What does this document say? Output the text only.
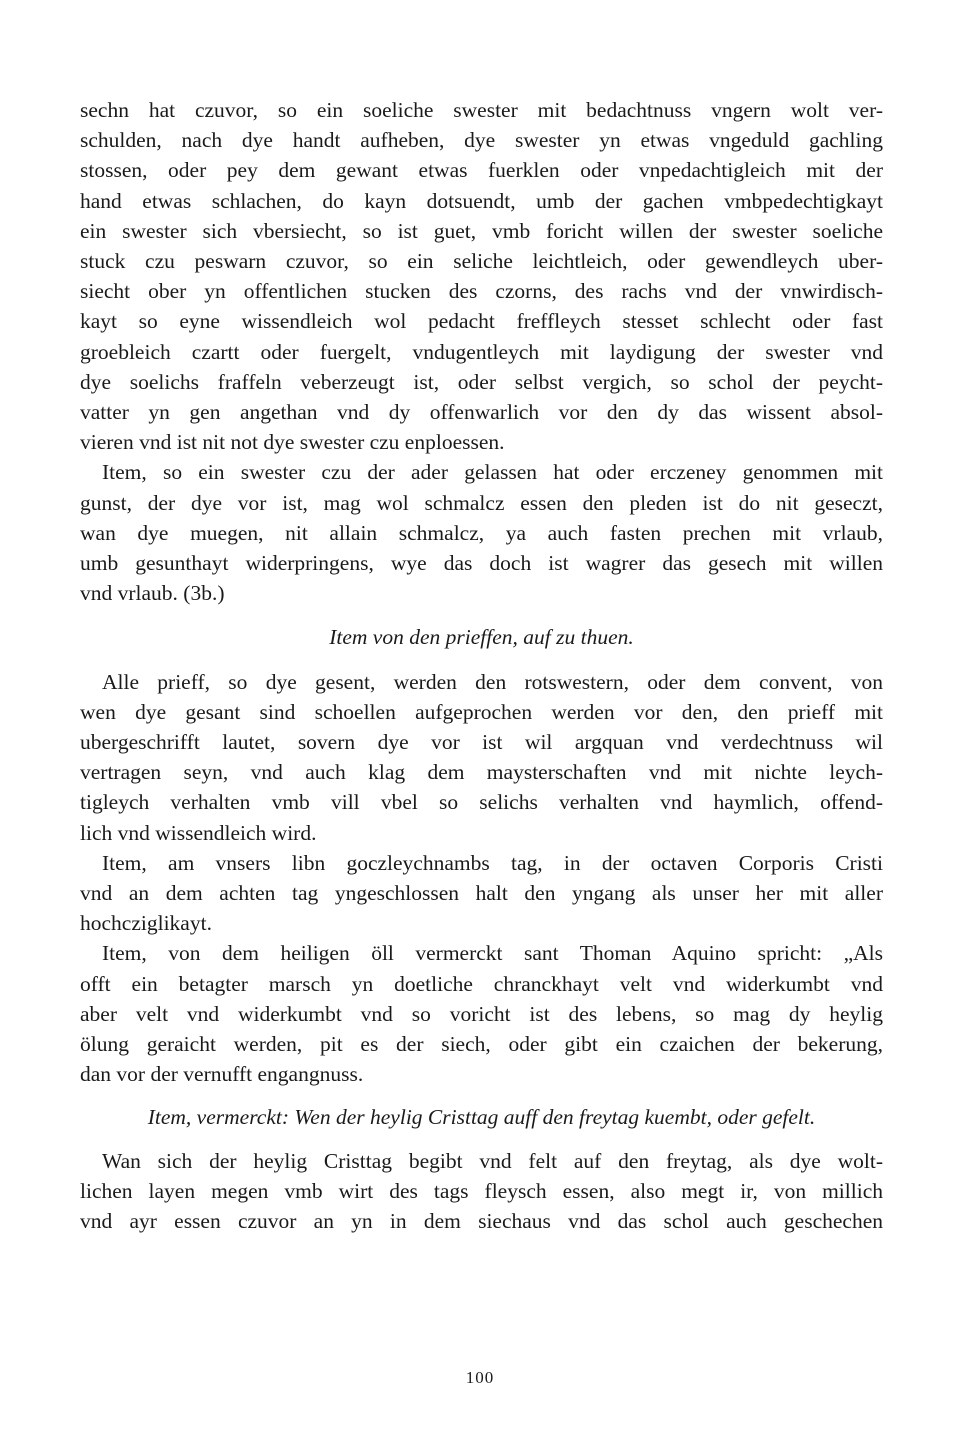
sechn hat czuvor, so ein soeliche swester mit bedachtnuss vngern wolt ver-
schulden, nach dye handt aufheben, dye swester yn etwas vngeduld gachling
stossen, oder pey dem gewant etwas fuerklen oder vnpedachtigleich mit der
hand etwas schlachen, do kayn dotsuendt, umb der gachen vmbpedechtigkayt
ein swester sich vbersiecht, so ist guet, vmb foricht willen der swester soeliche
stuck czu peswarn czuvor, so ein seliche leichtleich, oder gewendleych uber-
siecht ober yn offentlichen stucken des czorns, des rachs vnd der vnwirdisch-
kayt so eyne wissendleich wol pedacht freffleych stesset schlecht oder fast
groebleich czartt oder fuergelt, vndugentleych mit laydigung der swester vnd
dye soelichs fraffeln veberzeugt ist, oder selbst vergich, so schol der peycht-
vatter yn gen angethan vnd dy offenwarlich vor den dy das wissent absol-
vieren vnd ist nit not dye swester czu enploessen.
Item, so ein swester czu der ader gelassen hat oder erczeney genommen mit
gunst, der dye vor ist, mag wol schmalcz essen den pleden ist do nit geseczt,
wan dye muegen, nit allain schmalcz, ya auch fasten prechen mit vrlaub,
umb gesunthayt widerpringens, wye das doch ist wagrer das gesech mit willen
vnd vrlaub. (3b.)

Item von den prieffen, auf zu thuen.

Alle prieff, so dye gesent, werden den rotswestern, oder dem convent, von
wen dye gesant sind schoellen aufgeprochen werden vor den, den prieff mit
ubergeschrifft lautet, sovern dye vor ist wil argquan vnd verdechtnuss wil
vertragen seyn, vnd auch klag dem maysterschaften vnd mit nichte leych-
tigleych verhalten vmb vill vbel so selichs verhalten vnd haymlich, offend-
lich vnd wissendleich wird.
Item, am vnsers libn goczleychnambs tag, in der octaven Corporis Cristi
vnd an dem achten tag yngeschlossen halt den yngang als unser her mit aller
hochcziglikayt.
Item, von dem heiligen öll vermerckt sant Thoman Aquino spricht: „Als
offt ein betagter marsch yn doetliche chranckhayt velt vnd widerkumbt vnd
aber velt vnd widerkumbt vnd so voricht ist des lebens, so mag dy heylig
ölung geraicht werden, pit es der siech, oder gibt ein czaichen der bekerung,
dan vor der vernufft engangnuss.

Item, vermerckt: Wen der heylig Cristtag auff den freytag kuembt, oder gefelt.

Wan sich der heylig Cristtag begibt vnd felt auf den freytag, als dye wolt-
lichen layen megen vmb wirt des tags fleysch essen, also megt ir, von millich
vnd ayr essen czuvor an yn in dem siechaus vnd das schol auch geschechen
100
